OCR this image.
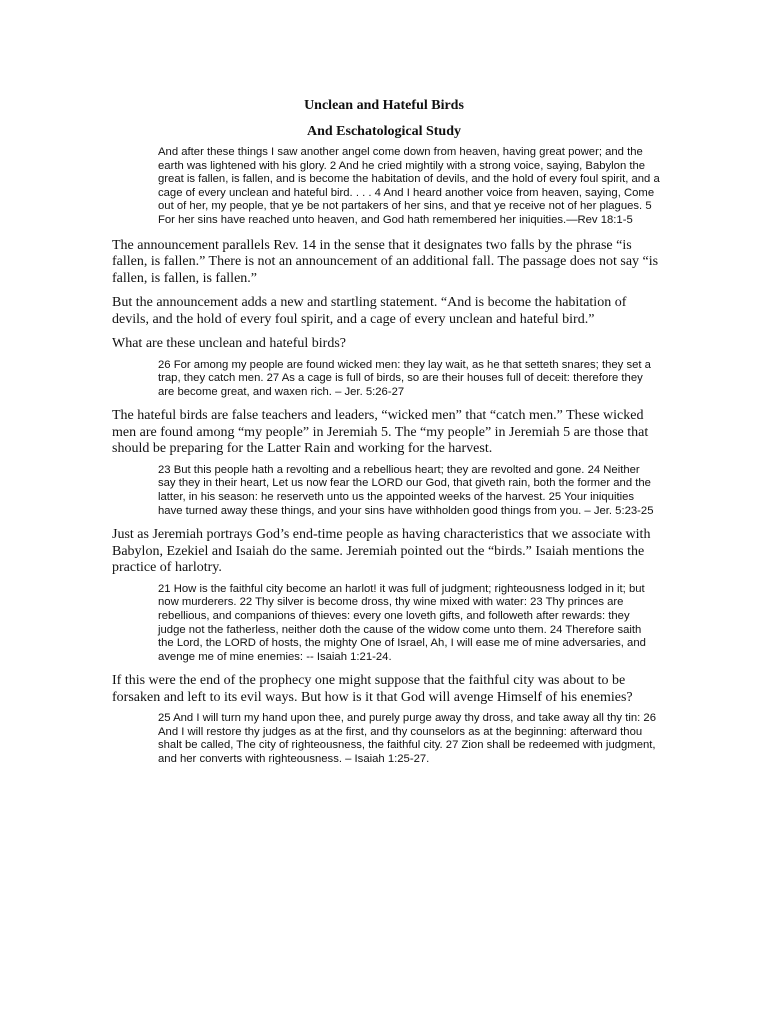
Unclean and Hateful Birds
And Eschatological Study

And after these things I saw another angel come down from heaven, having great power; and the earth was lightened with his glory. 2 And he cried mightily with a strong voice, saying, Babylon the great is fallen, is fallen, and is become the habitation of devils, and the hold of every foul spirit, and a cage of every unclean and hateful bird. . . . 4 And I heard another voice from heaven, saying, Come out of her, my people, that ye be not partakers of her sins, and that ye receive not of her plagues. 5 For her sins have reached unto heaven, and God hath remembered her iniquities.—Rev 18:1-5

The announcement parallels Rev. 14 in the sense that it designates two falls by the phrase “is fallen, is fallen.” There is not an announcement of an additional fall. The passage does not say “is fallen, is fallen, is fallen.”

But the announcement adds a new and startling statement. “And is become the habitation of devils, and the hold of every foul spirit, and a cage of every unclean and hateful bird.”

What are these unclean and hateful birds?

26 For among my people are found wicked men: they lay wait, as he that setteth snares; they set a trap, they catch men. 27 As a cage is full of birds, so are their houses full of deceit: therefore they are become great, and waxen rich. – Jer. 5:26-27

The hateful birds are false teachers and leaders, “wicked men” that “catch men.” These wicked men are found among “my people” in Jeremiah 5. The “my people” in Jeremiah 5 are those that should be preparing for the Latter Rain and working for the harvest.

23 But this people hath a revolting and a rebellious heart; they are revolted and gone. 24 Neither say they in their heart, Let us now fear the LORD our God, that giveth rain, both the former and the latter, in his season: he reserveth unto us the appointed weeks of the harvest. 25 Your iniquities have turned away these things, and your sins have withholden good things from you. – Jer. 5:23-25

Just as Jeremiah portrays God’s end-time people as having characteristics that we associate with Babylon, Ezekiel and Isaiah do the same. Jeremiah pointed out the “birds.” Isaiah mentions the practice of harlotry.

21 How is the faithful city become an harlot! it was full of judgment; righteousness lodged in it; but now murderers. 22 Thy silver is become dross, thy wine mixed with water: 23 Thy princes are rebellious, and companions of thieves: every one loveth gifts, and followeth after rewards: they judge not the fatherless, neither doth the cause of the widow come unto them. 24 Therefore saith the Lord, the LORD of hosts, the mighty One of Israel, Ah, I will ease me of mine adversaries, and avenge me of mine enemies: -- Isaiah 1:21-24.

If this were the end of the prophecy one might suppose that the faithful city was about to be forsaken and left to its evil ways. But how is it that God will avenge Himself of his enemies?

25 And I will turn my hand upon thee, and purely purge away thy dross, and take away all thy tin: 26 And I will restore thy judges as at the first, and thy counselors as at the beginning: afterward thou shalt be called, The city of righteousness, the faithful city. 27 Zion shall be redeemed with judgment, and her converts with righteousness. – Isaiah 1:25-27.
